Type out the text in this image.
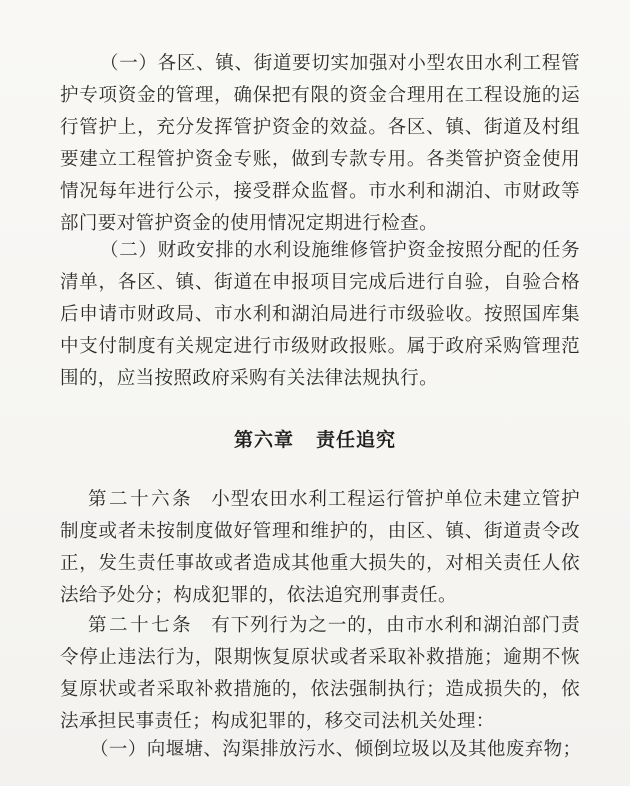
（一）各区、镇、街道要切实加强对小型农田水利工程管护专项资金的管理，确保把有限的资金合理用在工程设施的运行管护上，充分发挥管护资金的效益。各区、镇、街道及村组要建立工程管护资金专账，做到专款专用。各类管护资金使用情况每年进行公示，接受群众监督。市水利和湖泊、市财政等部门要对管护资金的使用情况定期进行检查。

（二）财政安排的水利设施维修管护资金按照分配的任务清单，各区、镇、街道在申报项目完成后进行自验，自验合格后申请市财政局、市水利和湖泊局进行市级验收。按照国库集中支付制度有关规定进行市级财政报账。属于政府采购管理范围的，应当按照政府采购有关法律法规执行。

第六章 责任追究

第二十六条 小型农田水利工程运行管护单位未建立管护制度或者未按制度做好管理和维护的，由区、镇、街道责令改正，发生责任事故或者造成其他重大损失的，对相关责任人依法给予处分；构成犯罪的，依法追究刑事责任。

第二十七条 有下列行为之一的，由市水利和湖泊部门责令停止违法行为，限期恢复原状或者采取补救措施；逾期不恢复原状或者采取补救措施的，依法强制执行；造成损失的，依法承担民事责任；构成犯罪的，移交司法机关处理：

（一）向堰塘、沟渠排放污水、倾倒垃圾以及其他废弃物；
